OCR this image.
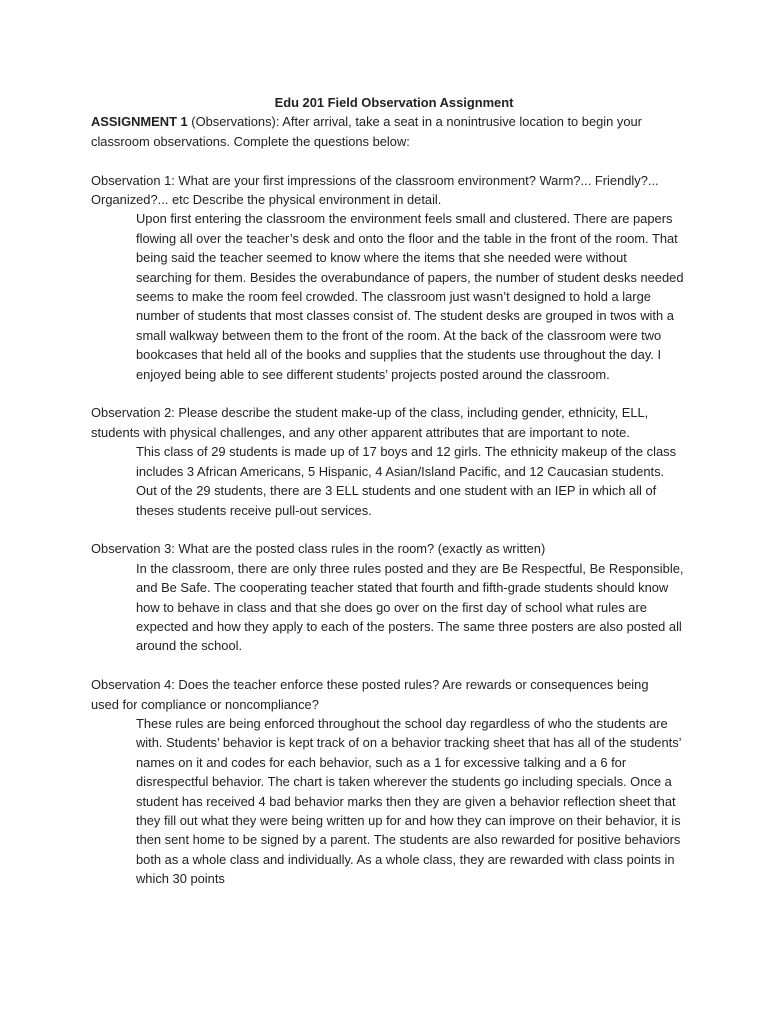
Edu 201 Field Observation Assignment

ASSIGNMENT 1 (Observations): After arrival, take a seat in a nonintrusive location to begin your classroom observations. Complete the questions below:

Observation 1: What are your first impressions of the classroom environment? Warm?... Friendly?... Organized?... etc Describe the physical environment in detail.

Upon first entering the classroom the environment feels small and clustered. There are papers flowing all over the teacher’s desk and onto the floor and the table in the front of the room. That being said the teacher seemed to know where the items that she needed were without searching for them. Besides the overabundance of papers, the number of student desks needed seems to make the room feel crowded. The classroom just wasn’t designed to hold a large number of students that most classes consist of. The student desks are grouped in twos with a small walkway between them to the front of the room. At the back of the classroom were two bookcases that held all of the books and supplies that the students use throughout the day. I enjoyed being able to see different students’ projects posted around the classroom.

Observation 2: Please describe the student make-up of the class, including gender, ethnicity, ELL, students with physical challenges, and any other apparent attributes that are important to note.

This class of 29 students is made up of 17 boys and 12 girls. The ethnicity makeup of the class includes 3 African Americans, 5 Hispanic, 4 Asian/Island Pacific, and 12 Caucasian students. Out of the 29 students, there are 3 ELL students and one student with an IEP in which all of theses students receive pull-out services.

Observation 3: What are the posted class rules in the room? (exactly as written)

In the classroom, there are only three rules posted and they are Be Respectful, Be Responsible, and Be Safe. The cooperating teacher stated that fourth and fifth-grade students should know how to behave in class and that she does go over on the first day of school what rules are expected and how they apply to each of the posters. The same three posters are also posted all around the school.

Observation 4: Does the teacher enforce these posted rules? Are rewards or consequences being used for compliance or noncompliance?

These rules are being enforced throughout the school day regardless of who the students are with. Students’ behavior is kept track of on a behavior tracking sheet that has all of the students’ names on it and codes for each behavior, such as a 1 for excessive talking and a 6 for disrespectful behavior. The chart is taken wherever the students go including specials. Once a student has received 4 bad behavior marks then they are given a behavior reflection sheet that they fill out what they were being written up for and how they can improve on their behavior, it is then sent home to be signed by a parent. The students are also rewarded for positive behaviors both as a whole class and individually. As a whole class, they are rewarded with class points in which 30 points
